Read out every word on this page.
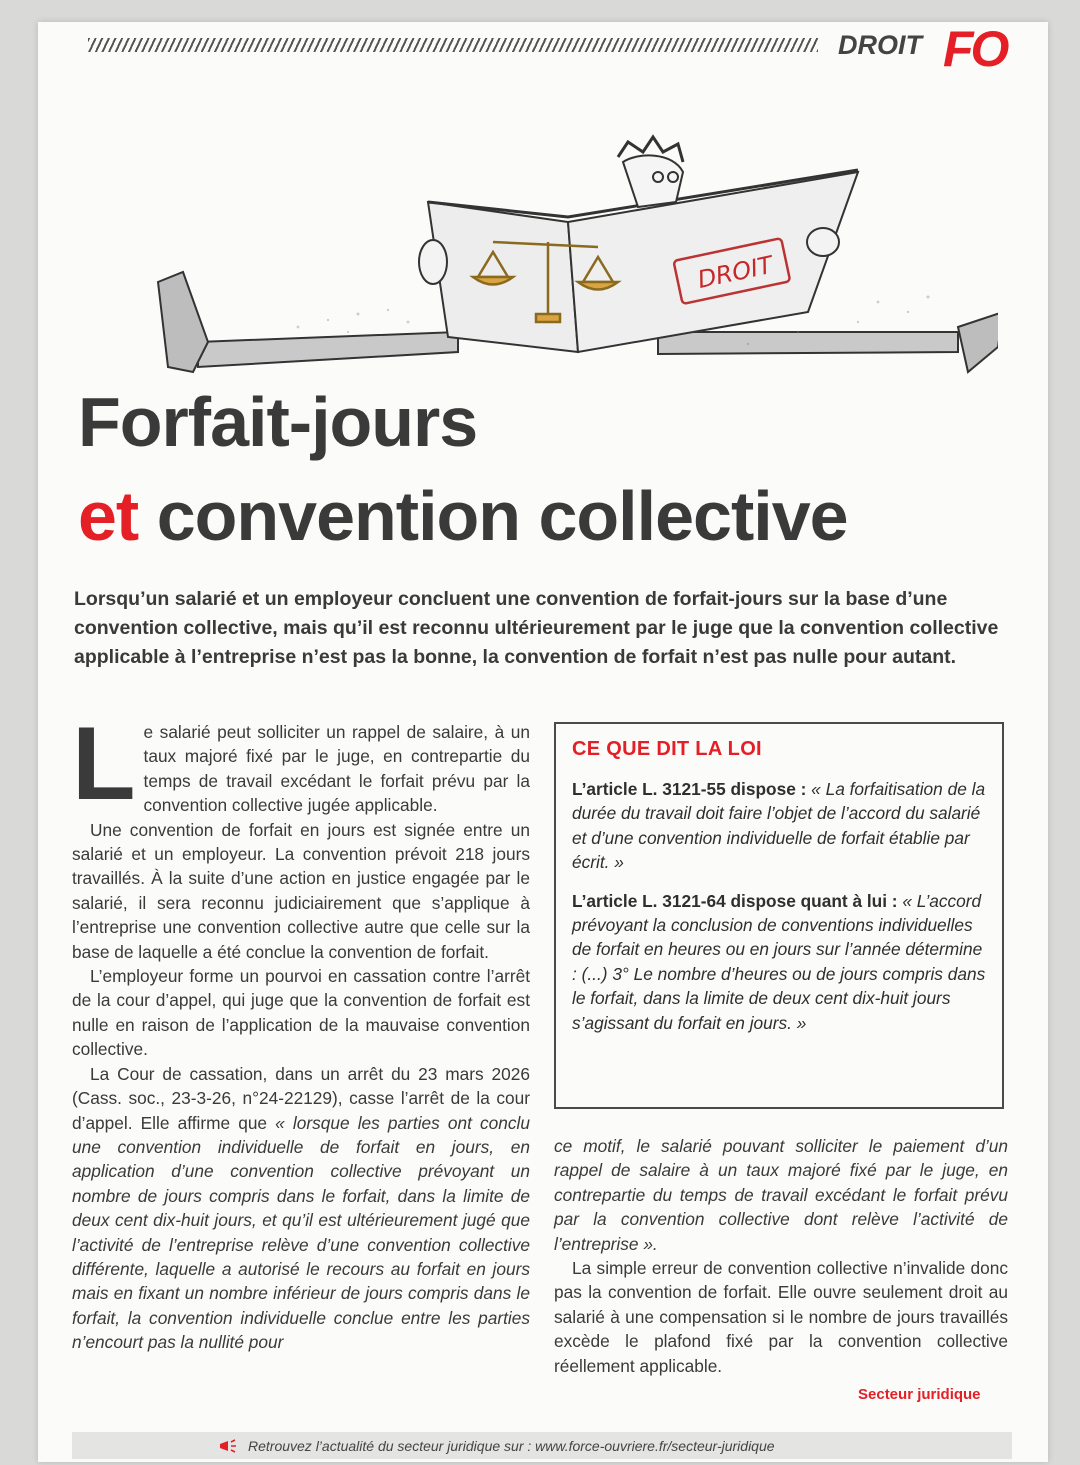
DROIT FO
DROIT
Forfait-jours
et convention collective
Lorsqu’un salarié et un employeur concluent une convention de forfait-jours sur la base d’une convention collective, mais qu’il est reconnu ultérieurement par le juge que la convention collective applicable à l’entreprise n’est pas la bonne, la convention de forfait n’est pas nulle pour autant.

Le salarié peut solliciter un rappel de salaire, à un taux majoré fixé par le juge, en contrepartie du temps de travail excédant le forfait prévu par la convention collective jugée applicable.

Une convention de forfait en jours est signée entre un salarié et un employeur. La convention prévoit 218 jours travaillés. À la suite d’une action en justice engagée par le salarié, il sera reconnu judiciairement que s’applique à l’entreprise une convention collective autre que celle sur la base de laquelle a été conclue la convention de forfait.

L’employeur forme un pourvoi en cassation contre l’arrêt de la cour d’appel, qui juge que la convention de forfait est nulle en raison de l’application de la mauvaise convention collective.

La Cour de cassation, dans un arrêt du 23 mars 2026 (Cass. soc., 23-3-26, n°24-22129), casse l’arrêt de la cour d’appel. Elle affirme que « lorsque les parties ont conclu une convention individuelle de forfait en jours, en application d’une convention collective prévoyant un nombre de jours compris dans le forfait, dans la limite de deux cent dix-huit jours, et qu’il est ultérieurement jugé que l’activité de l’entreprise relève d’une convention collective différente, laquelle a autorisé le recours au forfait en jours mais en fixant un nombre inférieur de jours compris dans le forfait, la convention individuelle conclue entre les parties n’encourt pas la nullité pour

CE QUE DIT LA LOI

L’article L. 3121-55 dispose : « La forfaitisation de la durée du travail doit faire l’objet de l’accord du salarié et d’une convention individuelle de forfait établie par écrit. »

L’article L. 3121-64 dispose quant à lui : « L’accord prévoyant la conclusion de conventions individuelles de forfait en heures ou en jours sur l’année détermine : (...) 3° Le nombre d’heures ou de jours compris dans le forfait, dans la limite de deux cent dix-huit jours s’agissant du forfait en jours. »

ce motif, le salarié pouvant solliciter le paiement d’un rappel de salaire à un taux majoré fixé par le juge, en contrepartie du temps de travail excédant le forfait prévu par la convention collective dont relève l’activité de l’entreprise ».

La simple erreur de convention collective n’invalide donc pas la convention de forfait. Elle ouvre seulement droit au salarié à une compensation si le nombre de jours travaillés excède le plafond fixé par la convention collective réellement applicable.

Secteur juridique
Retrouvez l’actualité du secteur juridique sur : www.force-ouvriere.fr/secteur-juridique
